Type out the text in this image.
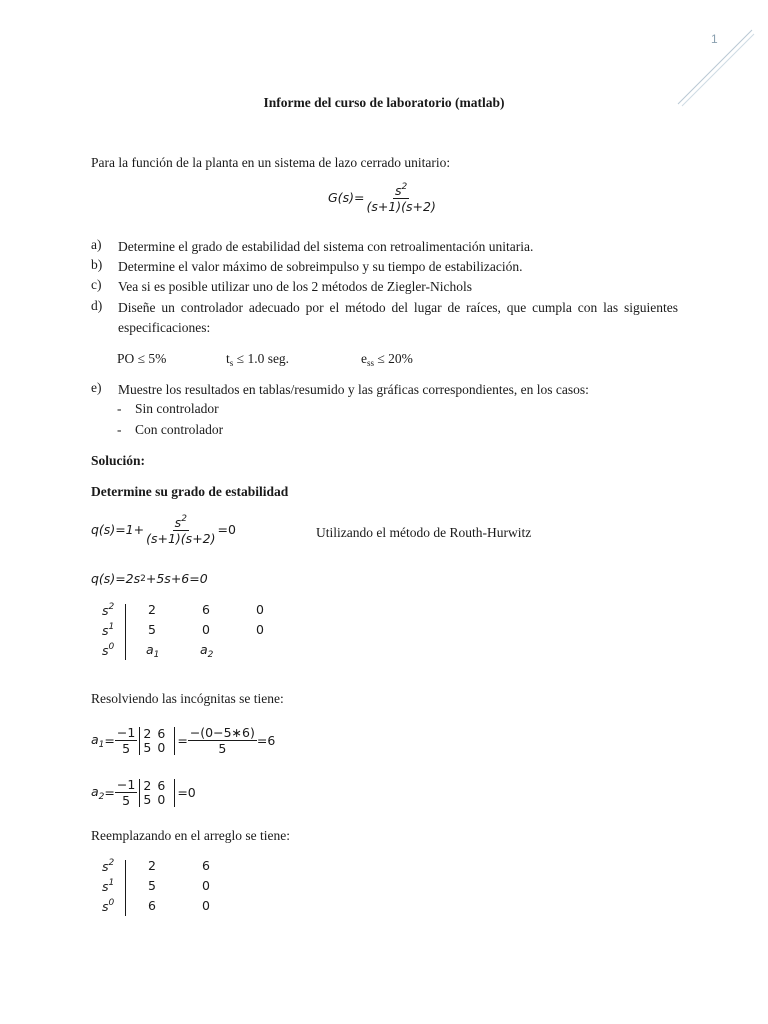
1
Informe del curso de laboratorio (matlab)
Para la función de la planta en un sistema de lazo cerrado unitario:
$G(s)= \frac{s^2}{(s+1)(s+2)}$
a) Determine el grado de estabilidad del sistema con retroalimentación unitaria.
b) Determine el valor máximo de sobreimpulso y su tiempo de estabilización.
c) Vea si es posible utilizar uno de los 2 métodos de Ziegler-Nichols
d) Diseñe un controlador adecuado por el método del lugar de raíces, que cumpla con las siguientes especificaciones:
PO ≤ 5%	$t_s \le 1.0$ seg.	$e_{ss} \le 20\%$
e) Muestre los resultados en tablas/resumido y las gráficas correspondientes, en los casos:
- Sin controlador
- Con controlador
Solución:
Determine su grado de estabilidad
$q(s)=1+ \frac{s^2}{(s+1)(s+2)} =0$	Utilizando el método de Routh-Hurwitz
q(s)=2s 2 +5s+6=0
$s^2$	2	6	0
$s^1$	5	0	0
$s^0$	$a_1$	$a_2$
Resolviendo las incógnitas se tiene:
$a_1 = \frac{-1}{5} 2$ 6
5 $0 = \frac{-(0-5∗6)}{5} =6$
$a_2 = \frac{-1}{5} 2$ 6
5 0 =0
Reemplazando en el arreglo se tiene:
$s^2$	2	6
$s^1$	5	0
$s^0$	6	0
